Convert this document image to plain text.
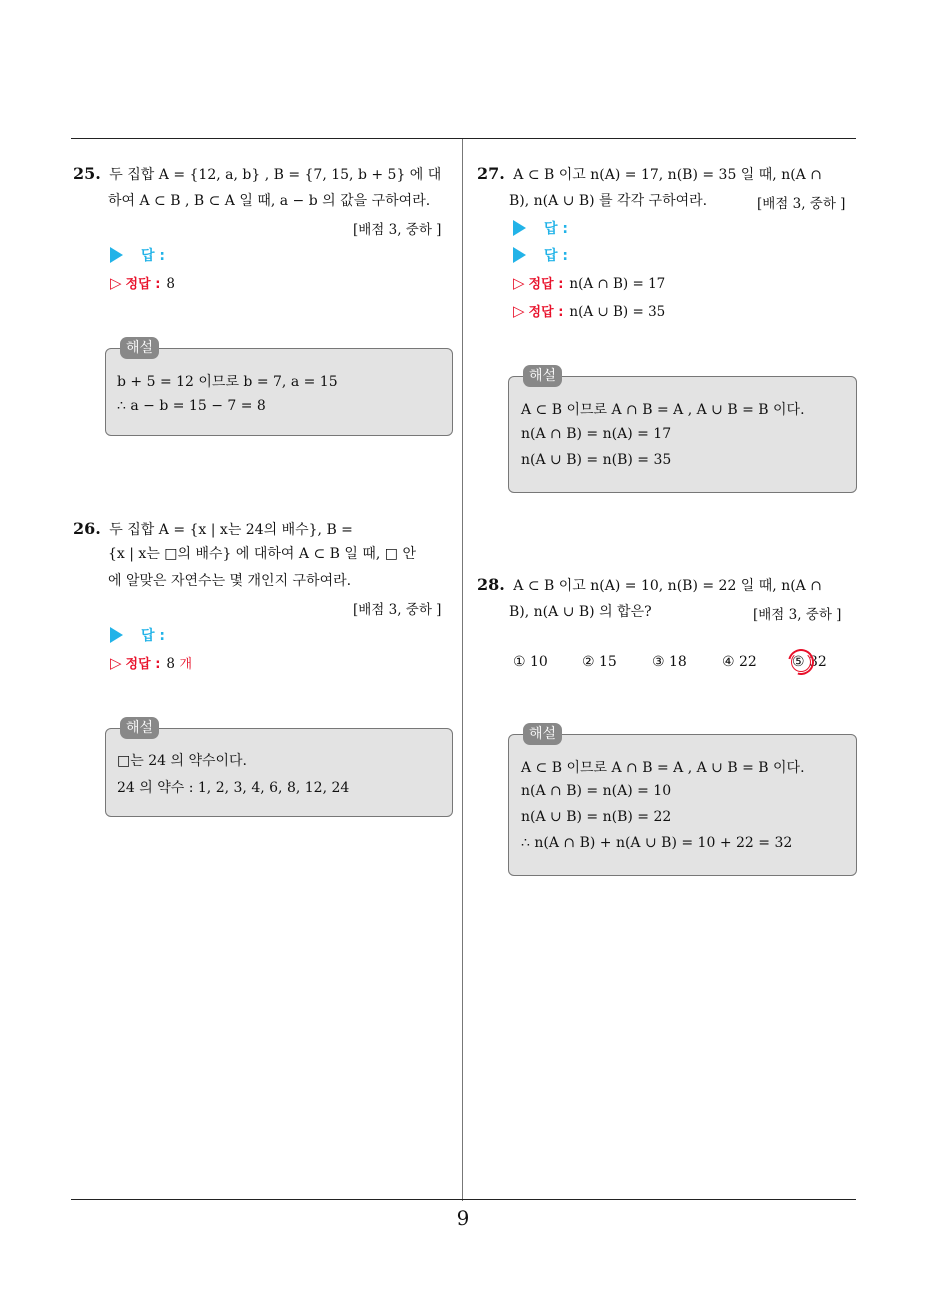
25. 두 집합 A = {12, a, b} , B = {7, 15, b + 5} 에 대
하여 A ⊂ B , B ⊂ A 일 때, a − b 의 값을 구하여라.
[배점 3, 중하 ]
답 :
▷ 정답 : 8
해설
b + 5 = 12 이므로 b = 7, a = 15
∴ a − b = 15 − 7 = 8
26. 두 집합 A = {x | x는 24의 배수}, B =
{x | x는 □의 배수} 에 대하여 A ⊂ B 일 때, □ 안
에 알맞은 자연수는 몇 개인지 구하여라.
[배점 3, 중하 ]
답 :
▷ 정답 : 8 개
해설
□는 24 의 약수이다.
24 의 약수 : 1, 2, 3, 4, 6, 8, 12, 24
27. A ⊂ B 이고 n(A) = 17, n(B) = 35 일 때, n(A ∩
B), n(A ∪ B) 를 각각 구하여라.	[배점 3, 중하 ]
답 :
답 :
▷ 정답 : n(A ∩ B) = 17
▷ 정답 : n(A ∪ B) = 35
해설
A ⊂ B 이므로 A ∩ B = A , A ∪ B = B 이다.
n(A ∩ B) = n(A) = 17
n(A ∪ B) = n(B) = 35
28. A ⊂ B 이고 n(A) = 10, n(B) = 22 일 때, n(A ∩
B), n(A ∪ B) 의 합은?	[배점 3, 중하 ]
① 10 ② 15	③ 18	④ 22	⑤ 32
해설
A ⊂ B 이므로 A ∩ B = A , A ∪ B = B 이다.
n(A ∩ B) = n(A) = 10
n(A ∪ B) = n(B) = 22
∴ n(A ∩ B) + n(A ∪ B) = 10 + 22 = 32
9
